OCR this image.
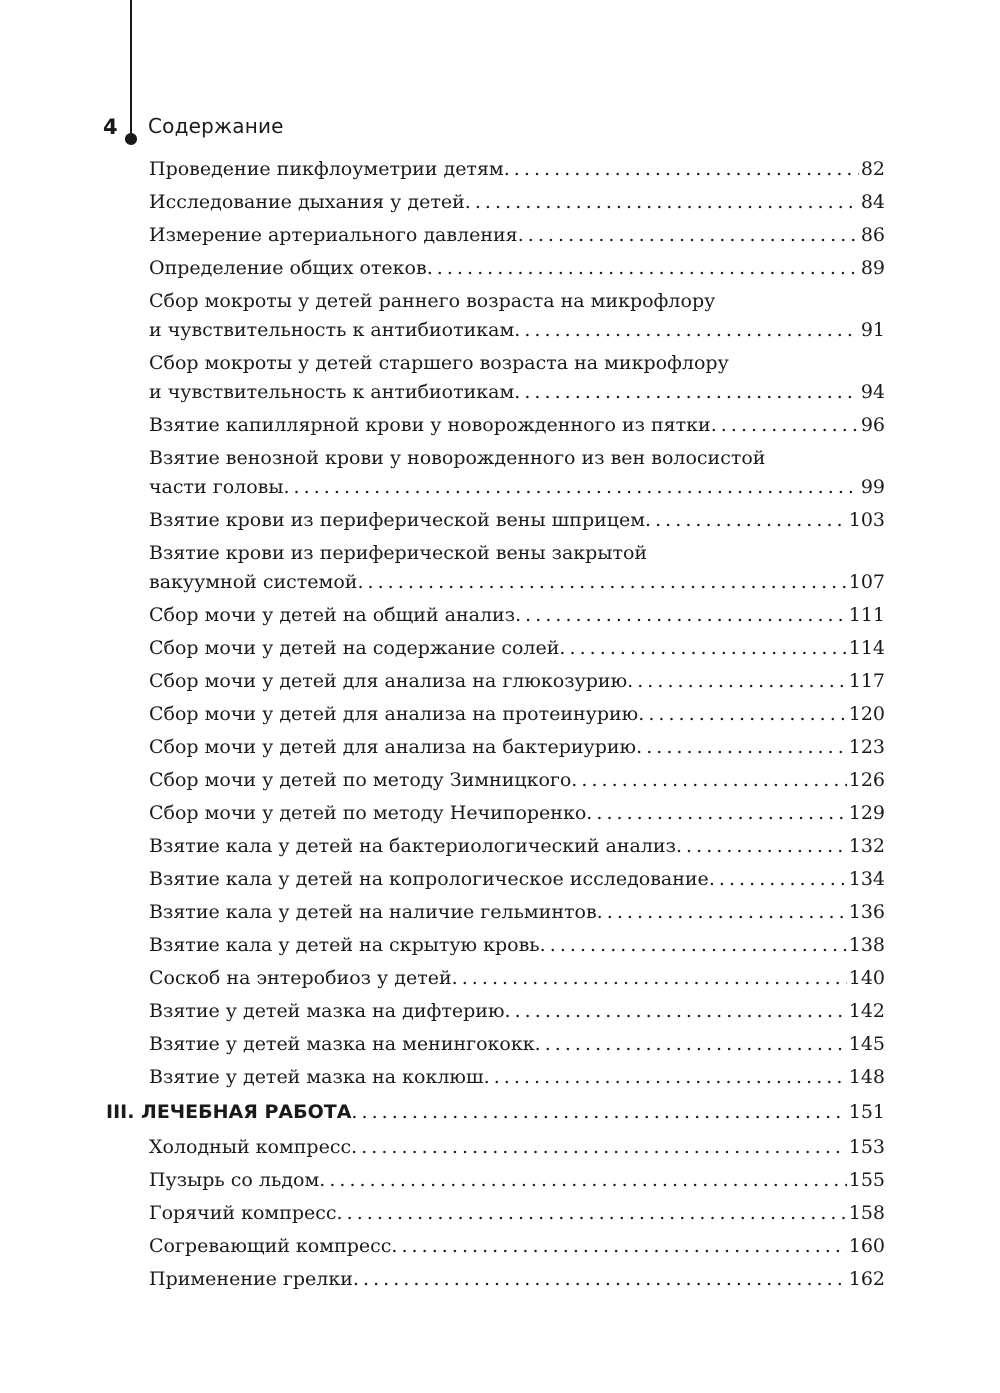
4 Содержание
Проведение пикфлоуметрии детям . . .	82
Исследование дыхания у детей . . .	84
Измерение артериального давления . . .	86
Определение общих отеков . . .	89
Сбор мокроты у детей раннего возраста на микрофлору
и чувствительность к антибиотикам . . .	91
Сбор мокроты у детей старшего возраста на микрофлору
и чувствительность к антибиотикам . . .	94
Взятие капиллярной крови у новорожденного из пятки . . .	96
Взятие венозной крови у новорожденного из вен волосистой
части головы . . .	99
Взятие крови из периферической вены шприцем . . .	103
Взятие крови из периферической вены закрытой
вакуумной системой . . .	107
Сбор мочи у детей на общий анализ . . .	111
Сбор мочи у детей на содержание солей . . .	114
Сбор мочи у детей для анализа на глюкозурию . . .	117
Сбор мочи у детей для анализа на протеинурию . . .	120
Сбор мочи у детей для анализа на бактериурию . . .	123
Сбор мочи у детей по методу Зимницкого . . .	126
Сбор мочи у детей по методу Нечипоренко . . .	129
Взятие кала у детей на бактериологический анализ . . .	132
Взятие кала у детей на копрологическое исследование . . .	134
Взятие кала у детей на наличие гельминтов . . .	136
Взятие кала у детей на скрытую кровь . . .	138
Соскоб на энтеробиоз у детей . . .	140
Взятие у детей мазка на дифтерию . . .	142
Взятие у детей мазка на менингококк . . .	145
Взятие у детей мазка на коклюш . . .	148
III. ЛЕЧЕБНАЯ РАБОТА . . .	151
Холодный компресс . . .	153
Пузырь со льдом . . .	155
Горячий компресс . . .	158
Согревающий компресс . . .	160
Применение грелки . . .	162
